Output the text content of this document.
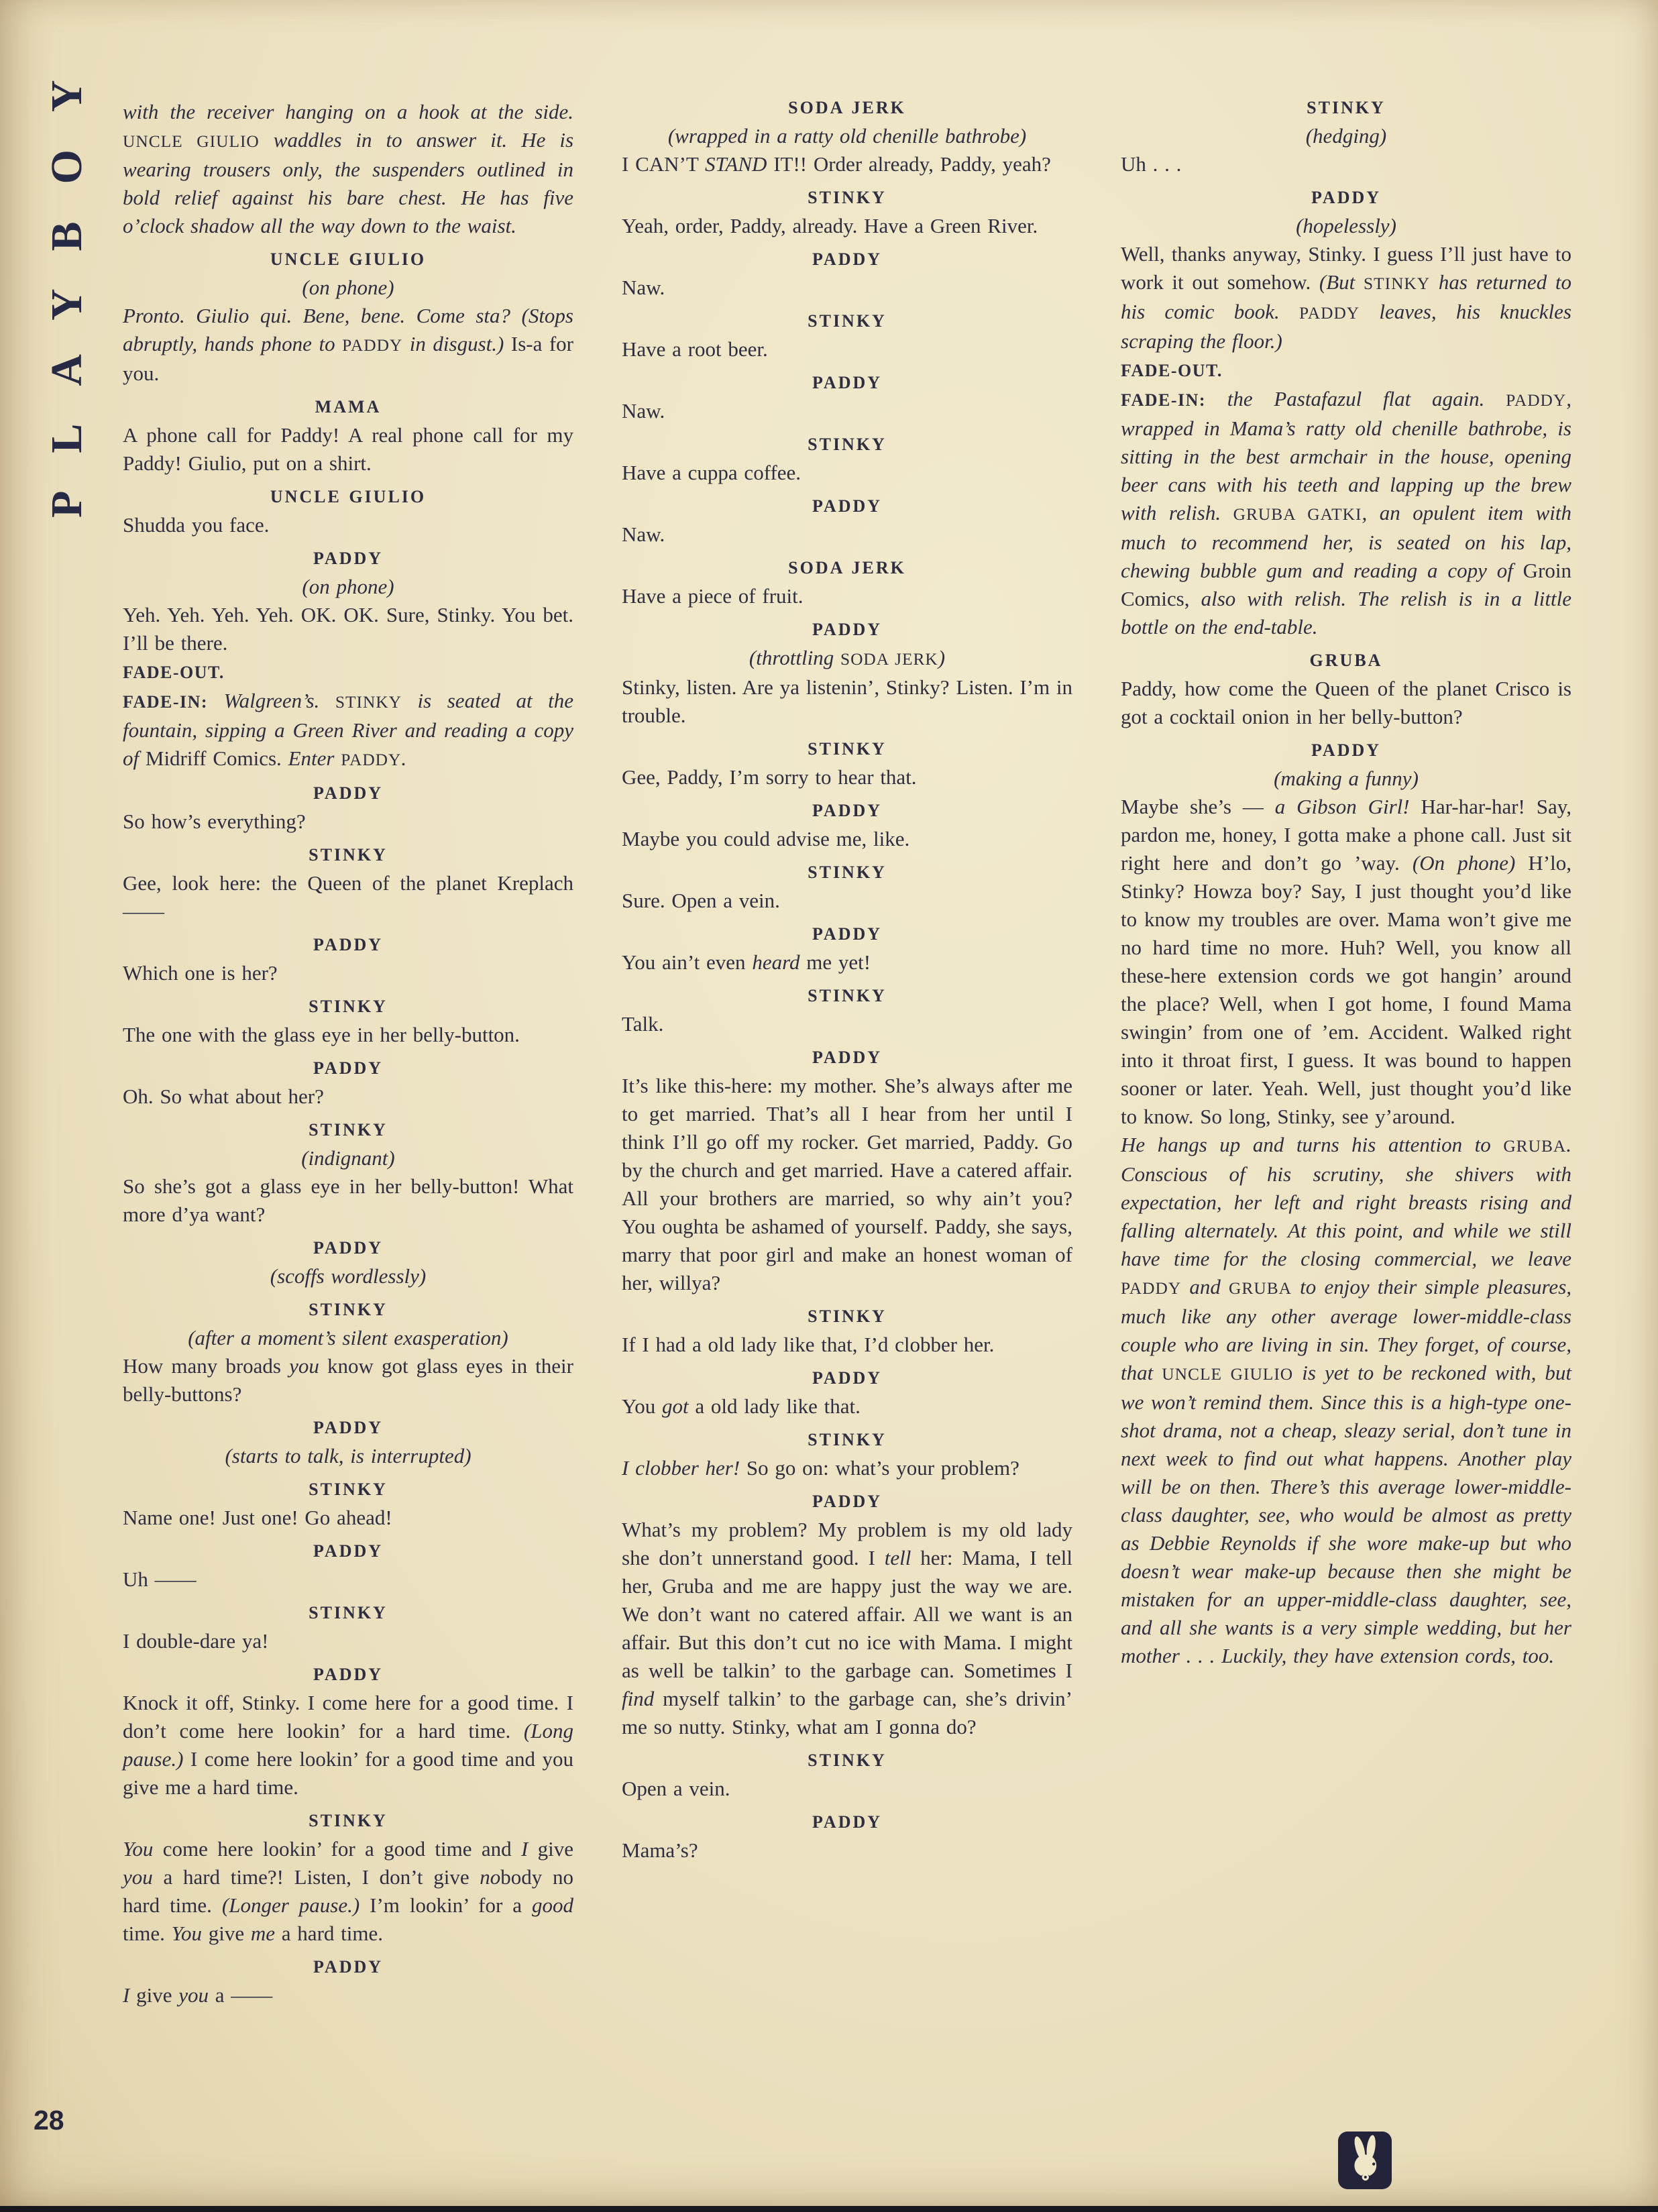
PLAYBOY with the receiver hanging on a hook at the side. UNCLE GIULIO waddles in to answer it. He is wearing trousers only, the suspenders outlined in bold relief against his bare chest. He has five o’clock shadow all the way down to the waist.
UNCLE GIULIO
(on phone)
Pronto. Giulio qui. Bene, bene. Come sta? (Stops abruptly, hands phone to PADDY in disgust.) Is-a for you.
MAMA
A phone call for Paddy! A real phone call for my Paddy! Giulio, put on a shirt.
UNCLE GIULIO
Shudda you face.
PADDY
(on phone)
Yeh. Yeh. Yeh. Yeh. OK. OK. Sure, Stinky. You bet. I’ll be there.
FADE-OUT.
FADE-IN: Walgreen’s. STINKY is seated at the fountain, sipping a Green River and reading a copy of Midriff Comics. Enter PADDY.
PADDY
So how’s everything?
STINKY
Gee, look here: the Queen of the planet Kreplach ——
PADDY
Which one is her?
STINKY
The one with the glass eye in her belly-button.
PADDY
Oh. So what about her?
STINKY
(indignant)
So she’s got a glass eye in her belly-button! What more d’ya want?
PADDY
(scoffs wordlessly)
STINKY
(after a moment’s silent exasperation)
How many broads you know got glass eyes in their belly-buttons?
PADDY
(starts to talk, is interrupted)
STINKY
Name one! Just one! Go ahead!
PADDY
Uh ——
STINKY
I double-dare ya!
PADDY
Knock it off, Stinky. I come here for a good time. I don’t come here lookin’ for a hard time. (Long pause.) I come here lookin’ for a good time and you give me a hard time.
STINKY
You come here lookin’ for a good time and I give you a hard time?! Listen, I don’t give nobody no hard time. (Longer pause.) I’m lookin’ for a good time. You give me a hard time.
PADDY
I give you a ——
SODA JERK
(wrapped in a ratty old chenille bathrobe)
I CAN’T STAND IT!! Order already, Paddy, yeah?
STINKY
Yeah, order, Paddy, already. Have a Green River.
PADDY
Naw.
STINKY
Have a root beer.
PADDY
Naw.
STINKY
Have a cuppa coffee.
PADDY
Naw.
SODA JERK
Have a piece of fruit.
PADDY
(throttling SODA JERK)
Stinky, listen. Are ya listenin’, Stinky? Listen. I’m in trouble.
STINKY
Gee, Paddy, I’m sorry to hear that.
PADDY
Maybe you could advise me, like.
STINKY
Sure. Open a vein.
PADDY
You ain’t even heard me yet!
STINKY
Talk.
PADDY
It’s like this-here: my mother. She’s always after me to get married. That’s all I hear from her until I think I’ll go off my rocker. Get married, Paddy. Go by the church and get married. Have a catered affair. All your brothers are married, so why ain’t you? You oughta be ashamed of yourself. Paddy, she says, marry that poor girl and make an honest woman of her, willya?
STINKY
If I had a old lady like that, I’d clobber her.
PADDY
You got a old lady like that.
STINKY
I clobber her! So go on: what’s your problem?
PADDY
What’s my problem? My problem is my old lady she don’t unnerstand good. I tell her: Mama, I tell her, Gruba and me are happy just the way we are. We don’t want no catered affair. All we want is an affair. But this don’t cut no ice with Mama. I might as well be talkin’ to the garbage can. Sometimes I find myself talkin’ to the garbage can, she’s drivin’ me so nutty. Stinky, what am I gonna do?
STINKY
Open a vein.
PADDY
Mama’s?
STINKY
(hedging)
Uh . . .
PADDY
(hopelessly)
Well, thanks anyway, Stinky. I guess I’ll just have to work it out somehow. (But STINKY has returned to his comic book. PADDY leaves, his knuckles scraping the floor.)
FADE-OUT.
FADE-IN: the Pastafazul flat again. PADDY, wrapped in Mama’s ratty old chenille bathrobe, is sitting in the best armchair in the house, opening beer cans with his teeth and lapping up the brew with relish. GRUBA GATKI, an opulent item with much to recommend her, is seated on his lap, chewing bubble gum and reading a copy of Groin Comics, also with relish. The relish is in a little bottle on the end-table.
GRUBA
Paddy, how come the Queen of the planet Crisco is got a cocktail onion in her belly-button?
PADDY
(making a funny)
Maybe she’s — a Gibson Girl! Har-har-har! Say, pardon me, honey, I gotta make a phone call. Just sit right here and don’t go ’way. (On phone) H’lo, Stinky? Howza boy? Say, I just thought you’d like to know my troubles are over. Mama won’t give me no hard time no more. Huh? Well, you know all these-here extension cords we got hangin’ around the place? Well, when I got home, I found Mama swingin’ from one of ’em. Accident. Walked right into it throat first, I guess. It was bound to happen sooner or later. Yeah. Well, just thought you’d like to know. So long, Stinky, see y’around.
He hangs up and turns his attention to GRUBA. Conscious of his scrutiny, she shivers with expectation, her left and right breasts rising and falling alternately. At this point, and while we still have time for the closing commercial, we leave PADDY and GRUBA to enjoy their simple pleasures, much like any other average lower-middle-class couple who are living in sin. They forget, of course, that UNCLE GIULIO is yet to be reckoned with, but we won’t remind them. Since this is a high-type one-shot drama, not a cheap, sleazy serial, don’t tune in next week to find out what happens. Another play will be on then. There’s this average lower-middle-class daughter, see, who would be almost as pretty as Debbie Reynolds if she wore make-up but who doesn’t wear make-up because then she might be mistaken for an upper-middle-class daughter, see, and all she wants is a very simple wedding, but her mother . . . Luckily, they have extension cords, too.
28
